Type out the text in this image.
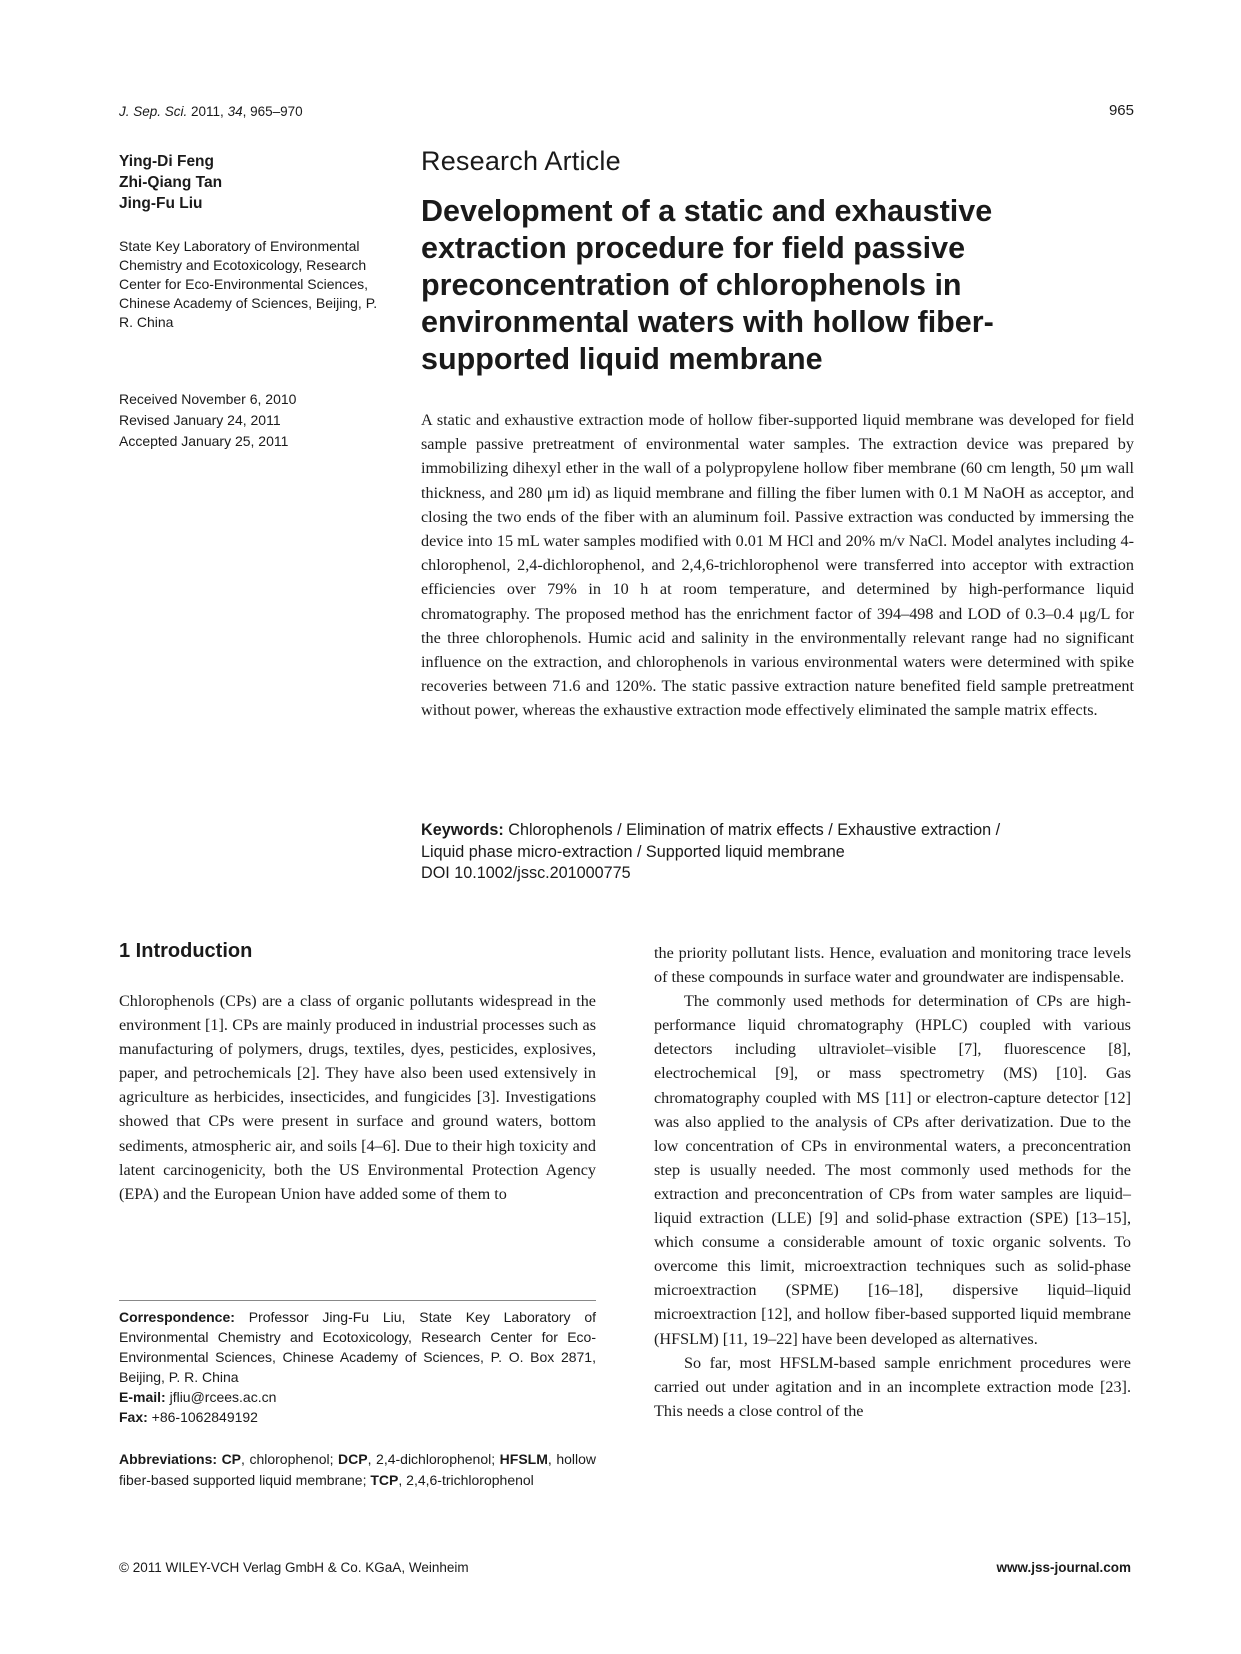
J. Sep. Sci. 2011, 34, 965–970	965
Ying-Di Feng
Zhi-Qiang Tan
Jing-Fu Liu
State Key Laboratory of Environmental Chemistry and Ecotoxicology, Research Center for Eco-Environmental Sciences, Chinese Academy of Sciences, Beijing, P. R. China
Received November 6, 2010
Revised January 24, 2011
Accepted January 25, 2011
Research Article
Development of a static and exhaustive extraction procedure for field passive preconcentration of chlorophenols in environmental waters with hollow fiber-supported liquid membrane

A static and exhaustive extraction mode of hollow fiber-supported liquid membrane was developed for field sample passive pretreatment of environmental water samples. The extraction device was prepared by immobilizing dihexyl ether in the wall of a polypropylene hollow fiber membrane (60 cm length, 50 μm wall thickness, and 280 μm id) as liquid membrane and filling the fiber lumen with 0.1 M NaOH as acceptor, and closing the two ends of the fiber with an aluminum foil. Passive extraction was conducted by immersing the device into 15 mL water samples modified with 0.01 M HCl and 20% m/v NaCl. Model analytes including 4-chlorophenol, 2,4-dichlorophenol, and 2,4,6-trichlorophenol were transferred into acceptor with extraction efficiencies over 79% in 10 h at room temperature, and determined by high-performance liquid chromatography. The proposed method has the enrichment factor of 394–498 and LOD of 0.3–0.4 μg/L for the three chlorophenols. Humic acid and salinity in the environmentally relevant range had no significant influence on the extraction, and chlorophenols in various environmental waters were determined with spike recoveries between 71.6 and 120%. The static passive extraction nature benefited field sample pretreatment without power, whereas the exhaustive extraction mode effectively eliminated the sample matrix effects.

Keywords: Chlorophenols / Elimination of matrix effects / Exhaustive extraction /
Liquid phase micro-extraction / Supported liquid membrane
DOI 10.1002/jssc.201000775
1 Introduction

Chlorophenols (CPs) are a class of organic pollutants widespread in the environment [1]. CPs are mainly produced in industrial processes such as manufacturing of polymers, drugs, textiles, dyes, pesticides, explosives, paper, and petrochemicals [2]. They have also been used extensively in agriculture as herbicides, insecticides, and fungicides [3]. Investigations showed that CPs were present in surface and ground waters, bottom sediments, atmospheric air, and soils [4–6]. Due to their high toxicity and latent carcinogenicity, both the US Environmental Protection Agency (EPA) and the European Union have added some of them to

the priority pollutant lists. Hence, evaluation and monitoring trace levels of these compounds in surface water and groundwater are indispensable.

The commonly used methods for determination of CPs are high-performance liquid chromatography (HPLC) coupled with various detectors including ultraviolet–visible [7], fluorescence [8], electrochemical [9], or mass spectrometry (MS) [10]. Gas chromatography coupled with MS [11] or electron-capture detector [12] was also applied to the analysis of CPs after derivatization. Due to the low concentration of CPs in environmental waters, a preconcentration step is usually needed. The most commonly used methods for the extraction and preconcentration of CPs from water samples are liquid–liquid extraction (LLE) [9] and solid-phase extraction (SPE) [13–15], which consume a considerable amount of toxic organic solvents. To overcome this limit, microextraction techniques such as solid-phase microextraction (SPME) [16–18], dispersive liquid–liquid microextraction [12], and hollow fiber-based supported liquid membrane (HFSLM) [11, 19–22] have been developed as alternatives.

So far, most HFSLM-based sample enrichment procedures were carried out under agitation and in an incomplete extraction mode [23]. This needs a close control of the

Correspondence: Professor Jing-Fu Liu, State Key Laboratory of Environmental Chemistry and Ecotoxicology, Research Center for Eco-Environmental Sciences, Chinese Academy of Sciences, P. O. Box 2871, Beijing, P. R. China
E-mail: jfliu@rcees.ac.cn
Fax: +86-1062849192
Abbreviations: CP, chlorophenol; DCP, 2,4-dichlorophenol; HFSLM, hollow fiber-based supported liquid membrane; TCP, 2,4,6-trichlorophenol
© 2011 WILEY-VCH Verlag GmbH & Co. KGaA, Weinheim	www.jss-journal.com
